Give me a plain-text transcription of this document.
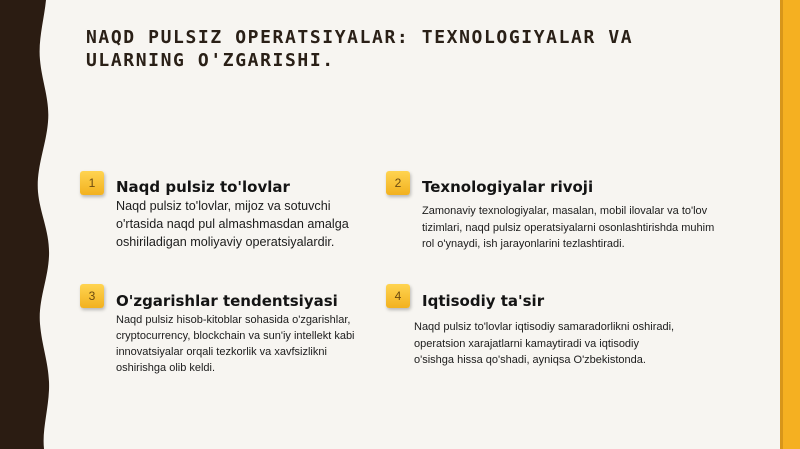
NAQD PULSIZ OPERATSIYALAR: TEXNOLOGIYALAR VA ULARNING O'ZGARISHI.
1	Naqd pulsiz to'lovlar

Naqd pulsiz to'lovlar, mijoz va sotuvchi o'rtasida naqd pul almashmasdan amalga oshiriladigan moliyaviy operatsiyalardir.

2	Texnologiyalar rivoji

Zamonaviy texnologiyalar, masalan, mobil ilovalar va to'lov tizimlari, naqd pulsiz operatsiyalarni osonlashtirishda muhim rol o'ynaydi, ish jarayonlarini tezlashtiradi.

3	O'zgarishlar tendentsiyasi

Naqd pulsiz hisob-kitoblar sohasida o'zgarishlar, cryptocurrency, blockchain va sun'iy intellekt kabi innovatsiyalar orqali tezkorlik va xavfsizlikni oshirishga olib keldi.

4	Iqtisodiy ta'sir

Naqd pulsiz to'lovlar iqtisodiy samaradorlikni oshiradi, operatsion xarajatlarni kamaytiradi va iqtisodiy o'sishga hissa qo'shadi, ayniqsa O'zbekistonda.
